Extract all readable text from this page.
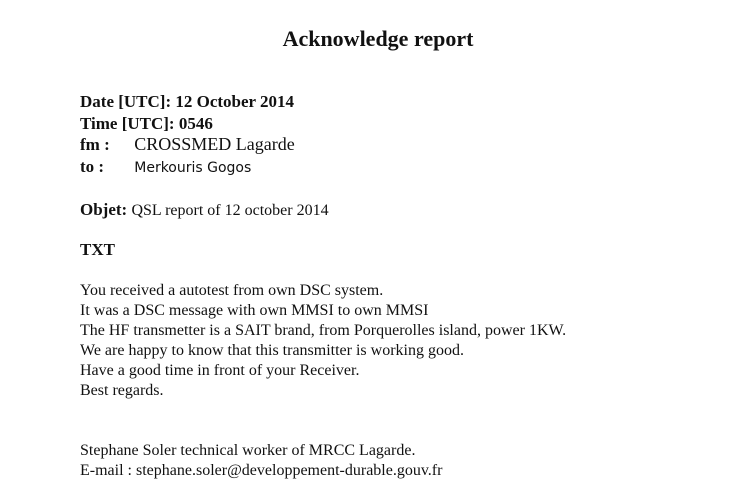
Acknowledge report
Date [UTC]: 12 October 2014
Time [UTC]: 0546
fm : CROSSMED Lagarde
to : Merkouris Gogos
Objet: QSL report of 12 october 2014
TXT
You received a autotest from own DSC system.
It was a DSC message with own MMSI to own MMSI
The HF transmetter is a SAIT brand, from Porquerolles island, power 1KW.
We are happy to know that this transmitter is working good.
Have a good time in front of your Receiver.
Best regards.
Stephane Soler technical worker of MRCC Lagarde.
E-mail : stephane.soler@developpement-durable.gouv.fr
